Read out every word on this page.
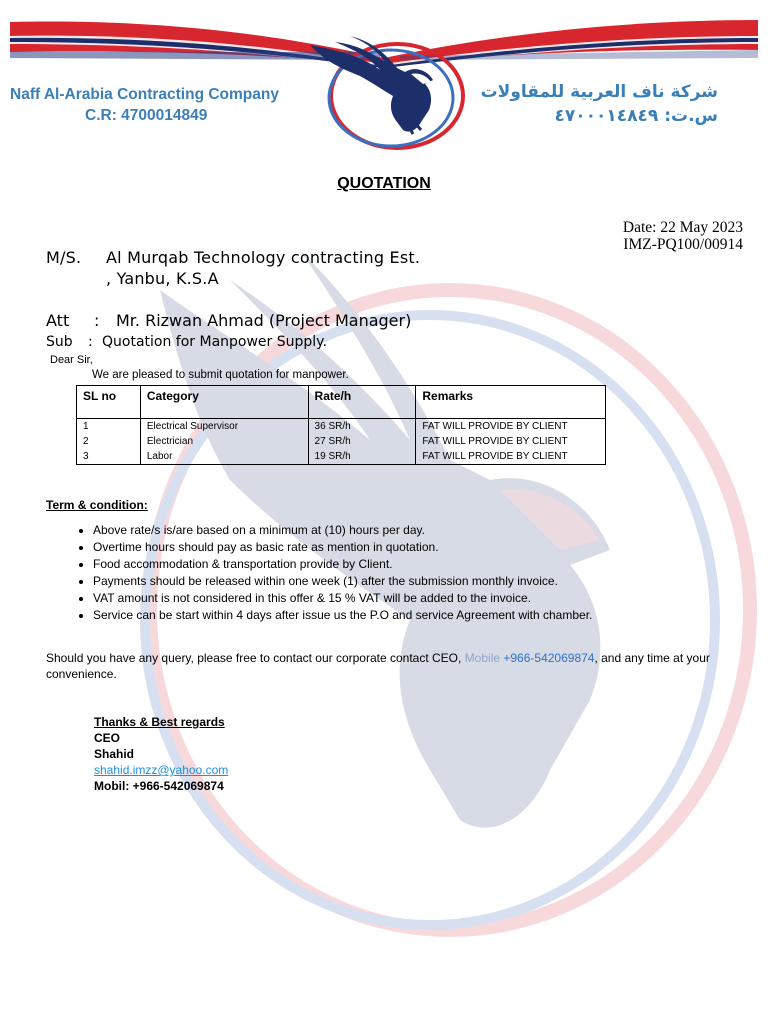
Naff Al-Arabia Contracting Company
C.R: 4700014849
شركة ناف العربية للمقاولات
س.ت: ٤٧٠٠٠١٤٨٤٩
QUOTATION
Date: 22 May 2023
IMZ-PQ100/00914
M/S. Al Murqab Technology contracting Est.
, Yanbu, K.S.A
Att : Mr. Rizwan Ahmad (Project Manager)
Sub : Quotation for Manpower Supply.
Dear Sir,
We are pleased to submit quotation for manpower.
SL no	Category	Rate/h	Remarks
1	Electrical Supervisor	36 SR/h	FAT WILL PROVIDE BY CLIENT
2	Electrician	27 SR/h	FAT WILL PROVIDE BY CLIENT
3	Labor	19 SR/h	FAT WILL PROVIDE BY CLIENT
Term & condition:
• Above rate/s is/are based on a minimum at (10) hours per day.
• Overtime hours should pay as basic rate as mention in quotation.
• Food accommodation & transportation provide by Client.
• Payments should be released within one week (1) after the submission monthly invoice.
• VAT amount is not considered in this offer & 15 % VAT will be added to the invoice.
• Service can be start within 4 days after issue us the P.O and service Agreement with chamber.
Should you have any query, please free to contact our corporate contact CEO, Mobile +966-542069874, and any time at your convenience.
Thanks & Best regards
CEO
Shahid
shahid.imzz@yahoo.com
Mobil: +966-542069874
